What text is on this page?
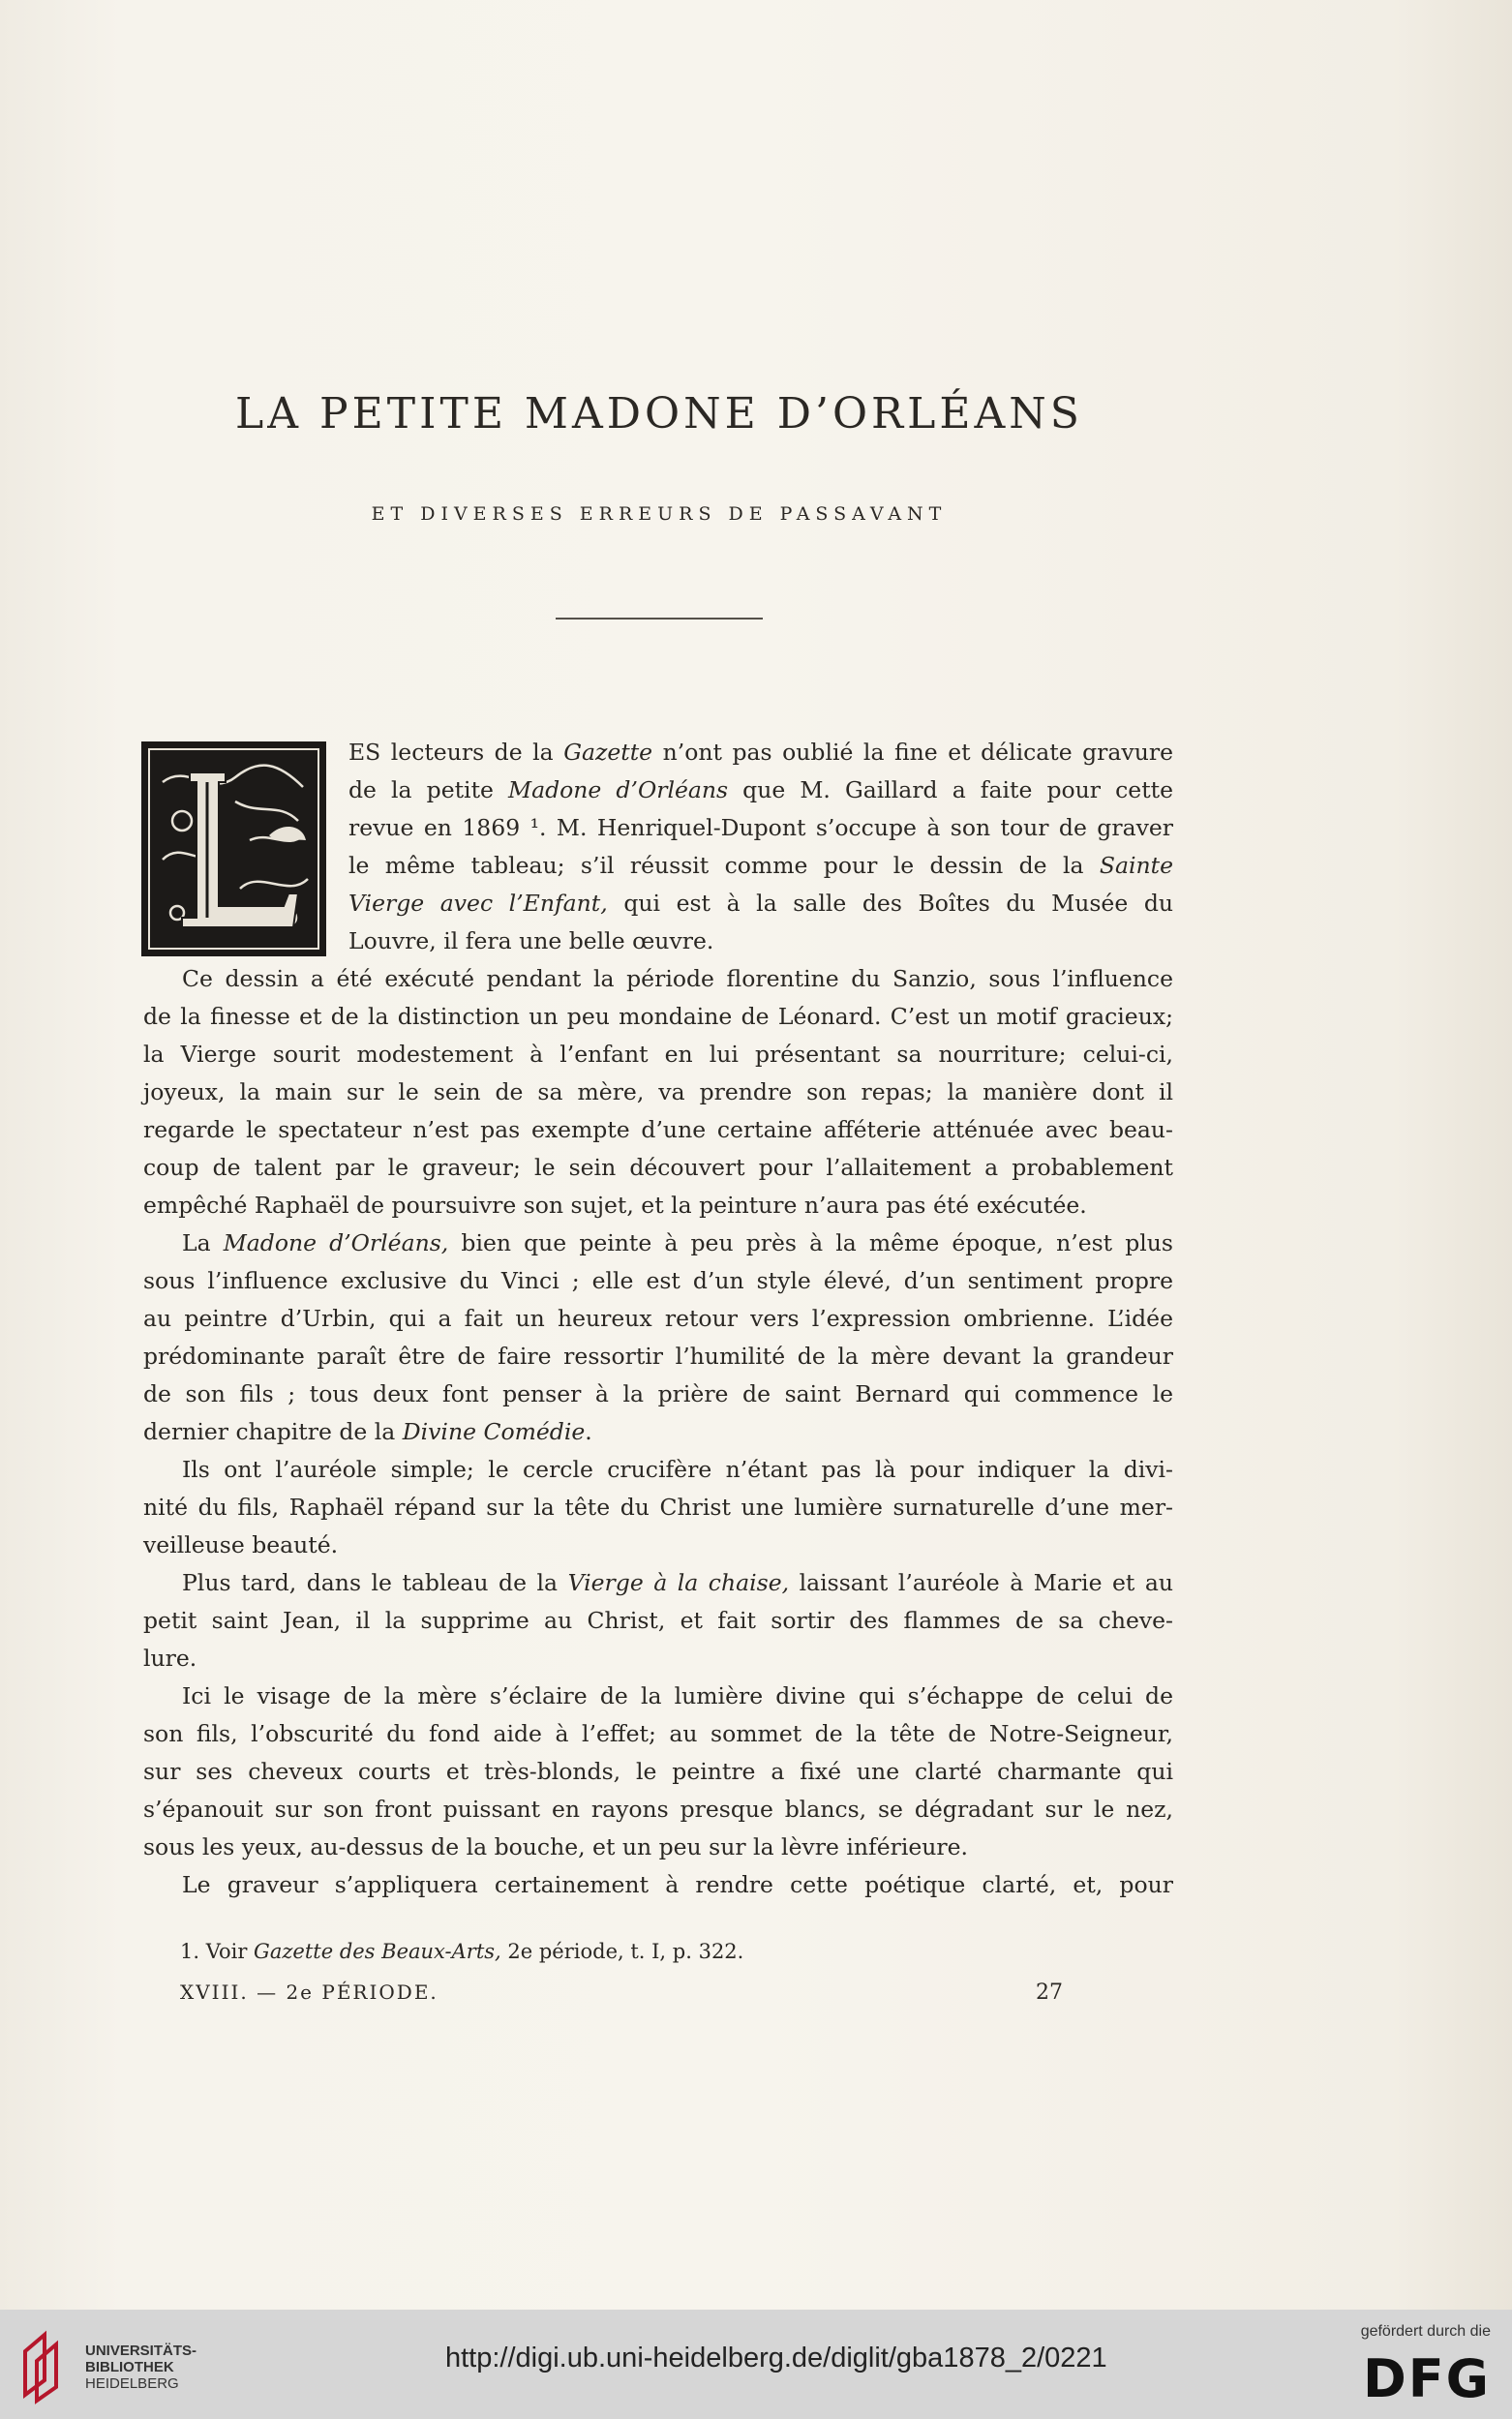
LA PETITE MADONE D’ORLÉANS
ET DIVERSES ERREURS DE PASSAVANT
ES lecteurs de la Gazette n’ont pas oublié la fine et délicate gravure
de la petite Madone d’Orléans que M. Gaillard a faite pour cette
revue en 1869 ¹. M. Henriquel-Dupont s’occupe à son tour de graver
le même tableau; s’il réussit comme pour le dessin de la Sainte
Vierge avec l’Enfant, qui est à la salle des Boîtes du Musée du
Louvre, il fera une belle œuvre.
Ce dessin a été exécuté pendant la période florentine du Sanzio, sous l’influence
de la finesse et de la distinction un peu mondaine de Léonard. C’est un motif gracieux;
la Vierge sourit modestement à l’enfant en lui présentant sa nourriture; celui-ci,
joyeux, la main sur le sein de sa mère, va prendre son repas; la manière dont il
regarde le spectateur n’est pas exempte d’une certaine afféterie atténuée avec beau-
coup de talent par le graveur; le sein découvert pour l’allaitement a probablement
empêché Raphaël de poursuivre son sujet, et la peinture n’aura pas été exécutée.
La Madone d’Orléans, bien que peinte à peu près à la même époque, n’est plus
sous l’influence exclusive du Vinci ; elle est d’un style élevé, d’un sentiment propre
au peintre d’Urbin, qui a fait un heureux retour vers l’expression ombrienne. L’idée
prédominante paraît être de faire ressortir l’humilité de la mère devant la grandeur
de son fils ; tous deux font penser à la prière de saint Bernard qui commence le
dernier chapitre de la Divine Comédie.
Ils ont l’auréole simple; le cercle crucifère n’étant pas là pour indiquer la divi-
nité du fils, Raphaël répand sur la tête du Christ une lumière surnaturelle d’une mer-
veilleuse beauté.
Plus tard, dans le tableau de la Vierge à la chaise, laissant l’auréole à Marie et au
petit saint Jean, il la supprime au Christ, et fait sortir des flammes de sa cheve-
lure.
Ici le visage de la mère s’éclaire de la lumière divine qui s’échappe de celui de
son fils, l’obscurité du fond aide à l’effet; au sommet de la tête de Notre-Seigneur,
sur ses cheveux courts et très-blonds, le peintre a fixé une clarté charmante qui
s’épanouit sur son front puissant en rayons presque blancs, se dégradant sur le nez,
sous les yeux, au-dessus de la bouche, et un peu sur la lèvre inférieure.
Le graveur s’appliquera certainement à rendre cette poétique clarté, et, pour
1. Voir Gazette des Beaux-Arts, 2e période, t. I, p. 322.
XVIII. — 2e PÉRIODE.	27
UNIVERSITÄTS-
BIBLIOTHEK
HEIDELBERG
http://digi.ub.uni-heidelberg.de/diglit/gba1878_2/0221
gefördert durch die
DFG
